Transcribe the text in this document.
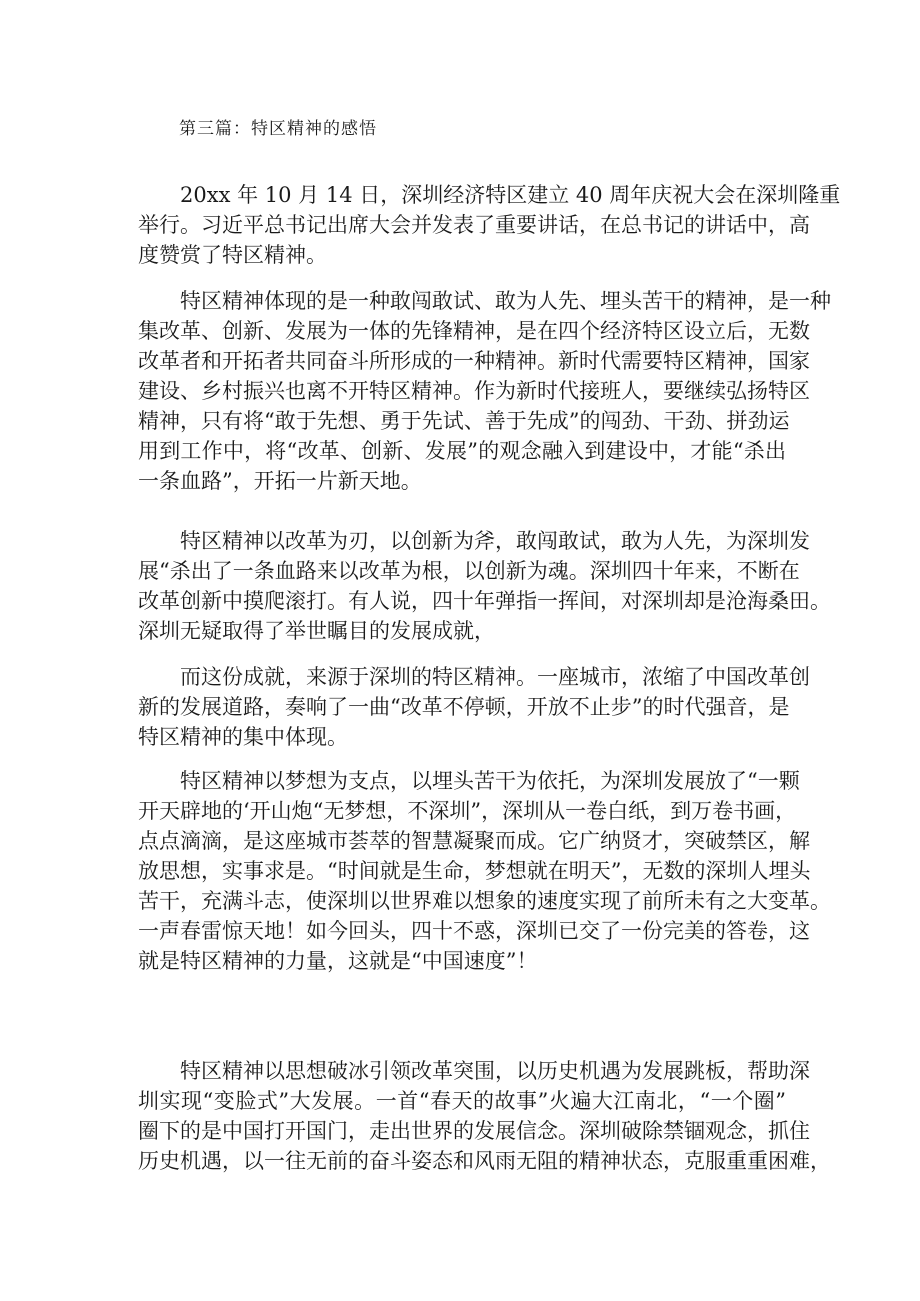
第三篇：特区精神的感悟

20xx 年 10 月 14 日，深圳经济特区建立 40 周年庆祝大会在深圳隆重

举行。习近平总书记出席大会并发表了重要讲话，在总书记的讲话中，高

度赞赏了特区精神。

特区精神体现的是一种敢闯敢试、敢为人先、埋头苦干的精神，是一种

集改革、创新、发展为一体的先锋精神，是在四个经济特区设立后，无数

改革者和开拓者共同奋斗所形成的一种精神。新时代需要特区精神，国家

建设、乡村振兴也离不开特区精神。作为新时代接班人，要继续弘扬特区

精神，只有将“敢于先想、勇于先试、善于先成”的闯劲、干劲、拼劲运

用到工作中，将“改革、创新、发展”的观念融入到建设中，才能“杀出

一条血路”，开拓一片新天地。

特区精神以改革为刃，以创新为斧，敢闯敢试，敢为人先，为深圳发

展“杀出了一条血路来以改革为根，以创新为魂。深圳四十年来，不断在

改革创新中摸爬滚打。有人说，四十年弹指一挥间，对深圳却是沧海桑田。

深圳无疑取得了举世瞩目的发展成就，

而这份成就，来源于深圳的特区精神。一座城市，浓缩了中国改革创

新的发展道路，奏响了一曲“改革不停顿，开放不止步”的时代强音，是

特区精神的集中体现。

特区精神以梦想为支点，以埋头苦干为依托，为深圳发展放了“一颗

开天辟地的‘开山炮“无梦想，不深圳”，深圳从一卷白纸，到万卷书画，

点点滴滴，是这座城市荟萃的智慧凝聚而成。它广纳贤才，突破禁区，解

放思想，实事求是。“时间就是生命，梦想就在明天”，无数的深圳人埋头

苦干，充满斗志，使深圳以世界难以想象的速度实现了前所未有之大变革。

一声春雷惊天地！如今回头，四十不惑，深圳已交了一份完美的答卷，这

就是特区精神的力量，这就是“中国速度”！

特区精神以思想破冰引领改革突围，以历史机遇为发展跳板，帮助深

圳实现“变脸式”大发展。一首“春天的故事”火遍大江南北，“一个圈”

圈下的是中国打开国门，走出世界的发展信念。深圳破除禁锢观念，抓住

历史机遇，以一往无前的奋斗姿态和风雨无阻的精神状态，克服重重困难，
